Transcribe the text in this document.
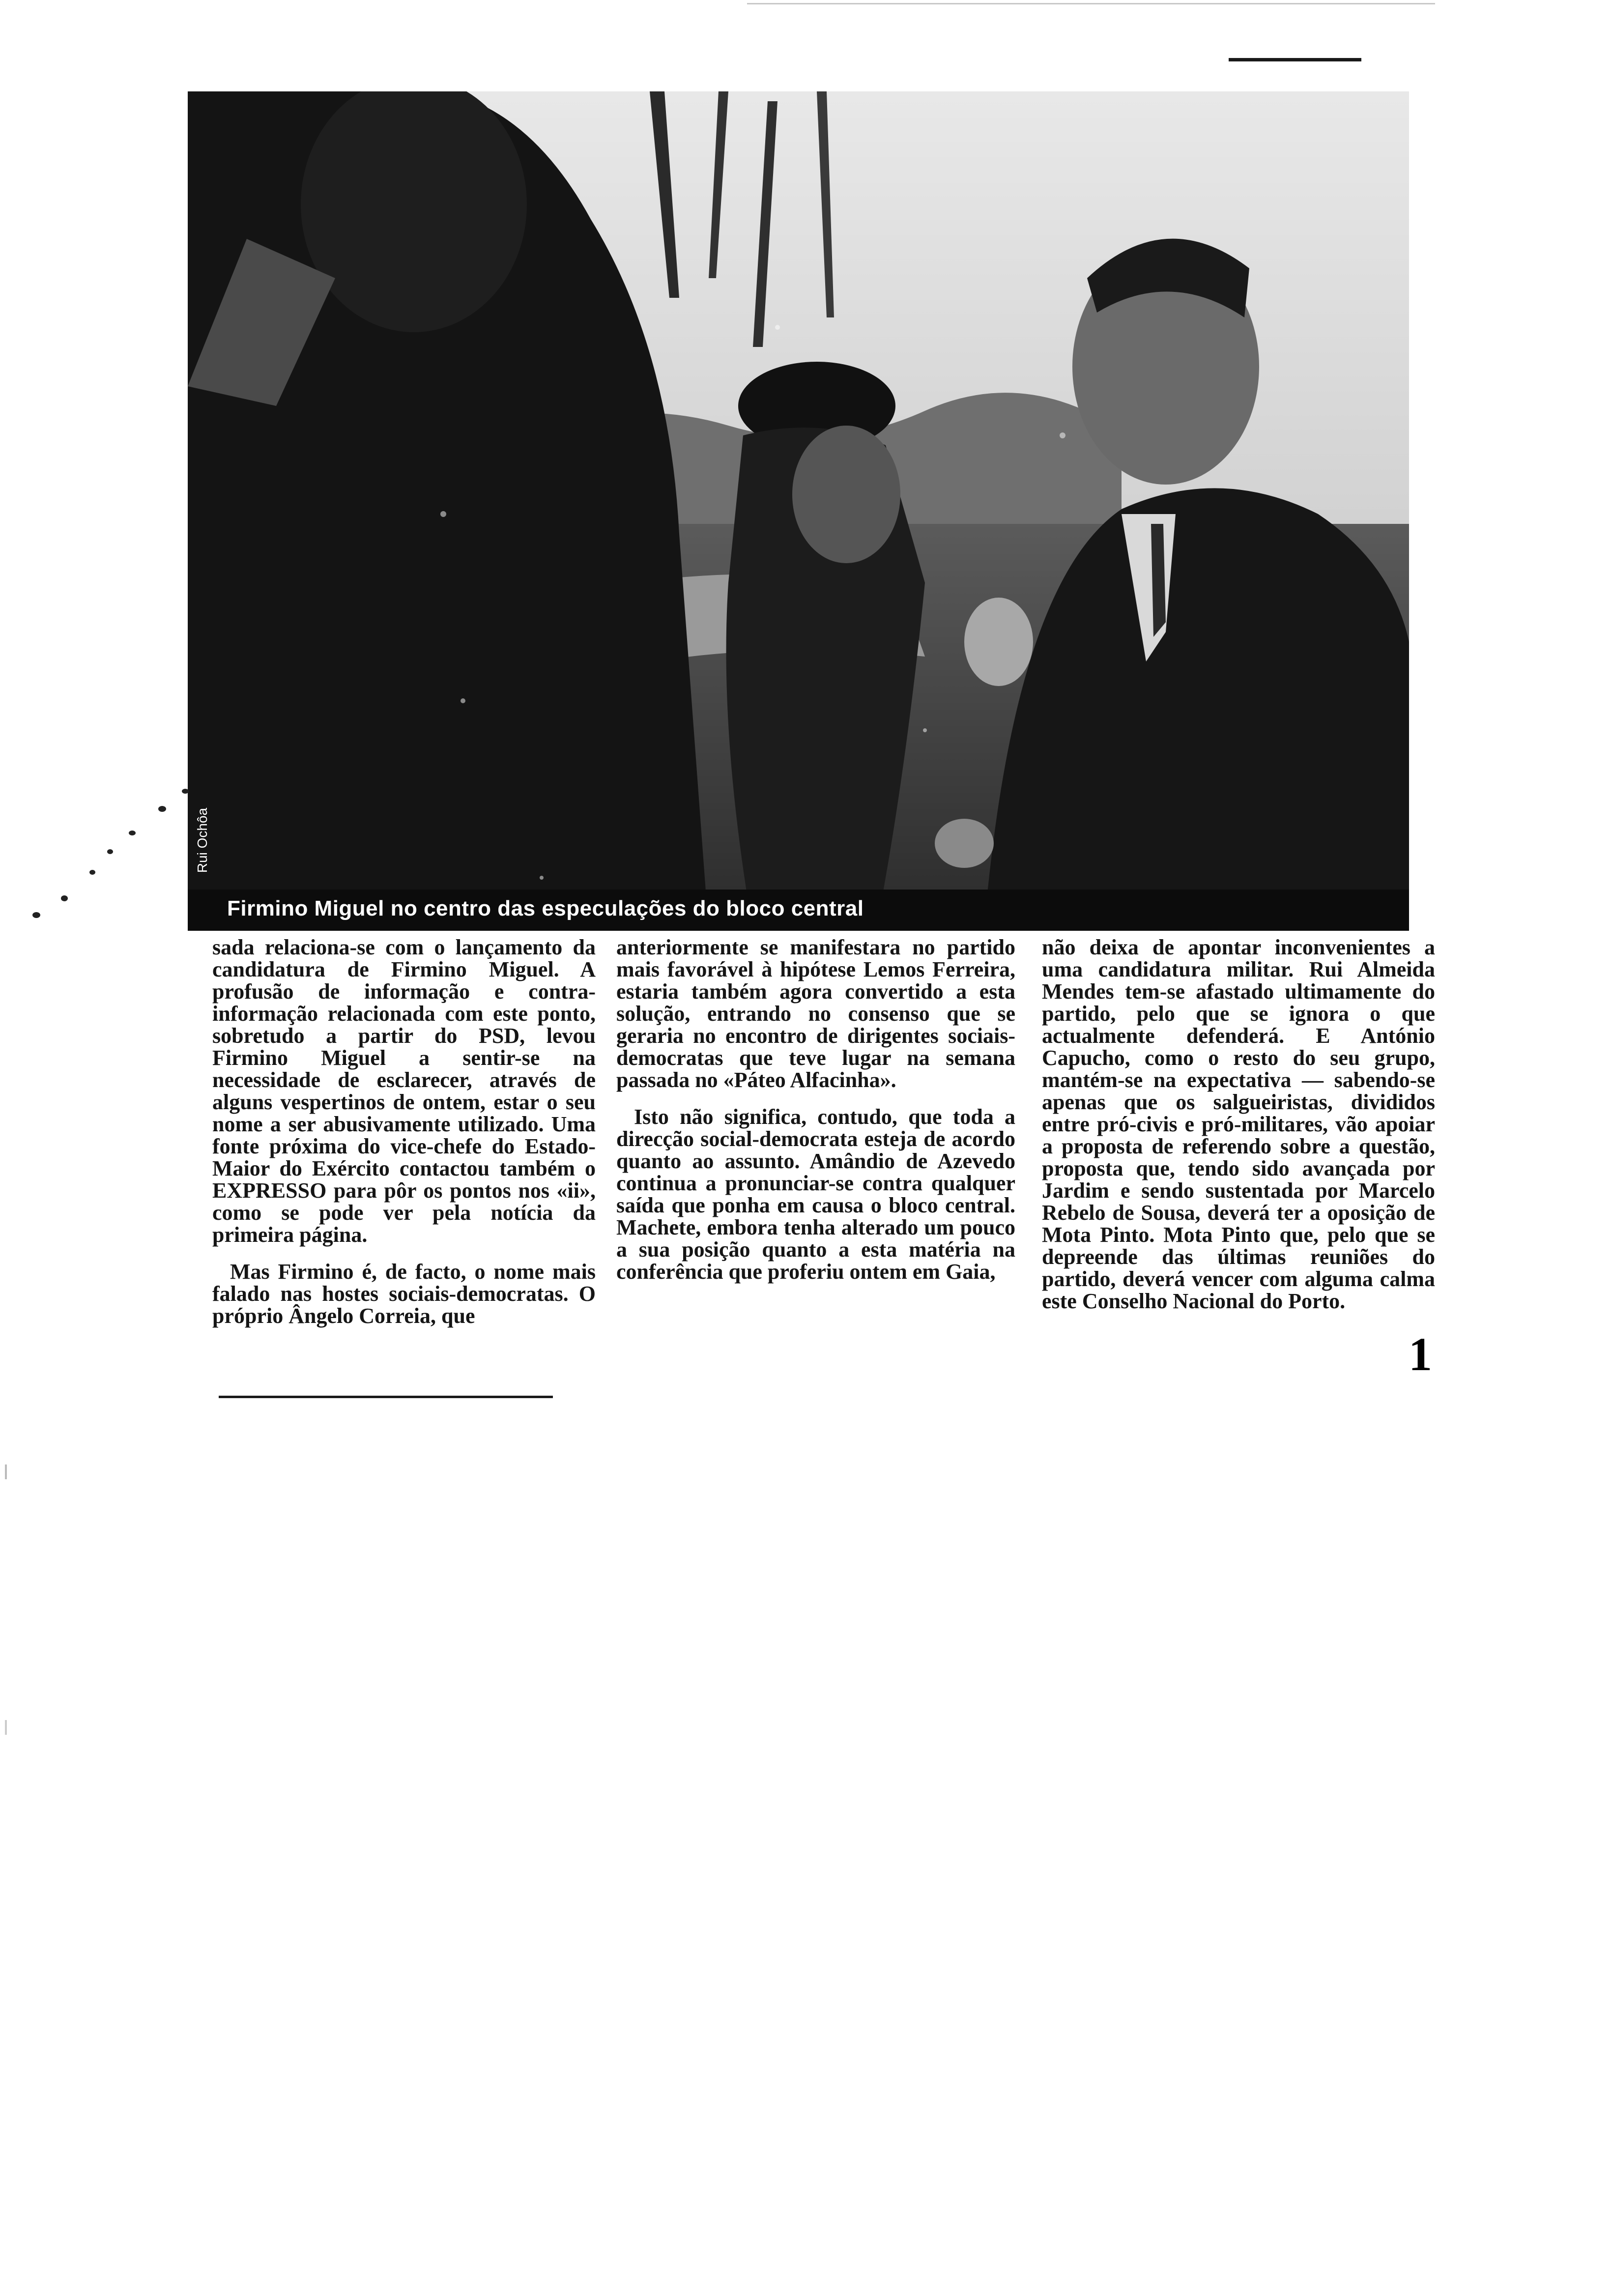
Firmino Miguel no centro das especulações do bloco central
Rui Ochôa

sada relaciona-se com o lançamento da candidatura de Firmino Miguel. A profusão de informação e contra-informação relacionada com este ponto, sobretudo a partir do PSD, levou Firmino Miguel a sentir-se na necessidade de esclarecer, através de alguns vespertinos de ontem, estar o seu nome a ser abusivamente utilizado. Uma fonte próxima do vice-chefe do Estado-Maior do Exército contactou também o EXPRESSO para pôr os pontos nos «ii», como se pode ver pela notícia da primeira página.

Mas Firmino é, de facto, o nome mais falado nas hostes sociais-democratas. O próprio Ângelo Correia, que

anteriormente se manifestara no partido mais favorável à hipótese Lemos Ferreira, estaria também agora convertido a esta solução, entrando no consenso que se geraria no encontro de dirigentes sociais-democratas que teve lugar na semana passada no «Páteo Alfacinha».

Isto não significa, contudo, que toda a direcção social-democrata esteja de acordo quanto ao assunto. Amândio de Azevedo continua a pronunciar-se contra qualquer saída que ponha em causa o bloco central. Machete, embora tenha alterado um pouco a sua posição quanto a esta matéria na conferência que proferiu ontem em Gaia,

não deixa de apontar inconvenientes a uma candidatura militar. Rui Almeida Mendes tem-se afastado ultimamente do partido, pelo que se ignora o que actualmente defenderá. E António Capucho, como o resto do seu grupo, mantém-se na expectativa — sabendo-se apenas que os salgueiristas, divididos entre pró-civis e pró-militares, vão apoiar a proposta de referendo sobre a questão, proposta que, tendo sido avançada por Jardim e sendo sustentada por Marcelo Rebelo de Sousa, deverá ter a oposição de Mota Pinto. Mota Pinto que, pelo que se depreende das últimas reuniões do partido, deverá vencer com alguma calma este Conselho Nacional do Porto.

1
